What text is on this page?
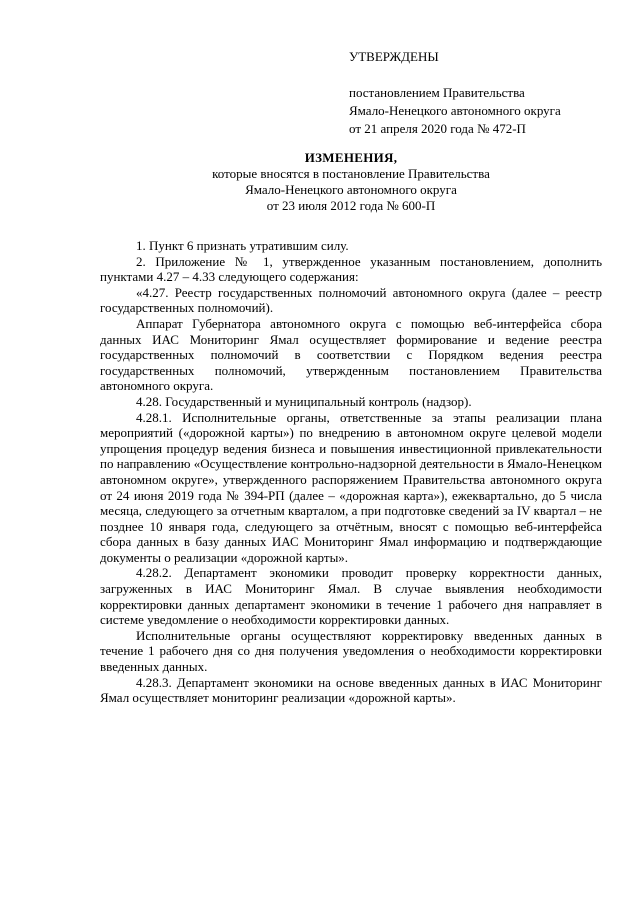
УТВЕРЖДЕНЫ
постановлением Правительства
Ямало-Ненецкого автономного округа
от 21 апреля 2020 года № 472-П
ИЗМЕНЕНИЯ,
которые вносятся в постановление Правительства
Ямало-Ненецкого автономного округа
от 23 июля 2012 года № 600-П

1. Пункт 6 признать утратившим силу.

2. Приложение № 1, утвержденное указанным постановлением, дополнить пунктами 4.27 – 4.33 следующего содержания:

«4.27. Реестр государственных полномочий автономного округа (далее – реестр государственных полномочий).

Аппарат Губернатора автономного округа с помощью веб-интерфейса сбора данных ИАС Мониторинг Ямал осуществляет формирование и ведение реестра государственных полномочий в соответствии с Порядком ведения реестра государственных полномочий, утвержденным постановлением Правительства автономного округа.

4.28. Государственный и муниципальный контроль (надзор).

4.28.1. Исполнительные органы, ответственные за этапы реализации плана мероприятий («дорожной карты») по внедрению в автономном округе целевой модели упрощения процедур ведения бизнеса и повышения инвестиционной привлекательности по направлению «Осуществление контрольно-надзорной деятельности в Ямало-Ненецком автономном округе», утвержденного распоряжением Правительства автономного округа от 24 июня 2019 года № 394-РП (далее – «дорожная карта»), ежеквартально, до 5 числа месяца, следующего за отчетным кварталом, а при подготовке сведений за IV квартал – не позднее 10 января года, следующего за отчётным, вносят с помощью веб-интерфейса сбора данных в базу данных ИАС Мониторинг Ямал информацию и подтверждающие документы о реализации «дорожной карты».

4.28.2. Департамент экономики проводит проверку корректности данных, загруженных в ИАС Мониторинг Ямал. В случае выявления необходимости корректировки данных департамент экономики в течение 1 рабочего дня направляет в системе уведомление о необходимости корректировки данных.

Исполнительные органы осуществляют корректировку введенных данных в течение 1 рабочего дня со дня получения уведомления о необходимости корректировки введенных данных.

4.28.3. Департамент экономики на основе введенных данных в ИАС Мониторинг Ямал осуществляет мониторинг реализации «дорожной карты».
